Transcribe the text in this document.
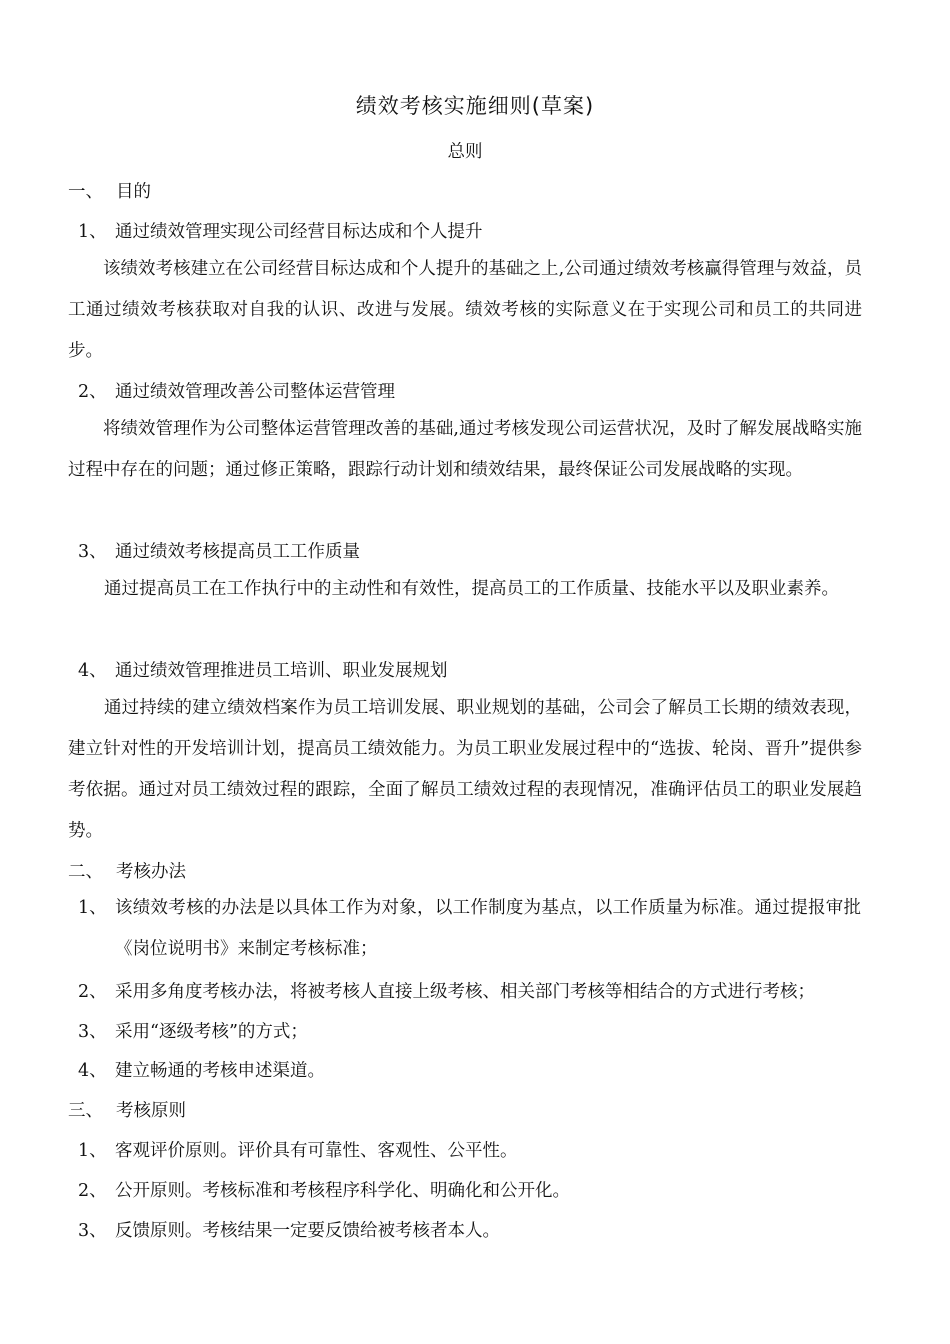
绩效考核实施细则(草案)
总则
一、 目的
1、 通过绩效管理实现公司经营目标达成和个人提升
该绩效考核建立在公司经营目标达成和个人提升的基础之上,公司通过绩效考核赢得管理与效益，员工通过绩效考核获取对自我的认识、改进与发展。绩效考核的实际意义在于实现公司和员工的共同进步。
2、 通过绩效管理改善公司整体运营管理
将绩效管理作为公司整体运营管理改善的基础,通过考核发现公司运营状况，及时了解发展战略实施过程中存在的问题；通过修正策略，跟踪行动计划和绩效结果，最终保证公司发展战略的实现。
3、 通过绩效考核提高员工工作质量
通过提高员工在工作执行中的主动性和有效性，提高员工的工作质量、技能水平以及职业素养。
4、 通过绩效管理推进员工培训、职业发展规划
通过持续的建立绩效档案作为员工培训发展、职业规划的基础，公司会了解员工长期的绩效表现，建立针对性的开发培训计划，提高员工绩效能力。为员工职业发展过程中的“选拔、轮岗、晋升”提供参考依据。通过对员工绩效过程的跟踪，全面了解员工绩效过程的表现情况，准确评估员工的职业发展趋势。
二、 考核办法
1、 该绩效考核的办法是以具体工作为对象，以工作制度为基点，以工作质量为标准。通过提报审批《岗位说明书》来制定考核标准；
2、 采用多角度考核办法，将被考核人直接上级考核、相关部门考核等相结合的方式进行考核；
3、 采用“逐级考核”的方式；
4、 建立畅通的考核申述渠道。
三、 考核原则
1、 客观评价原则。评价具有可靠性、客观性、公平性。
2、 公开原则。考核标准和考核程序科学化、明确化和公开化。
3、 反馈原则。考核结果一定要反馈给被考核者本人。
